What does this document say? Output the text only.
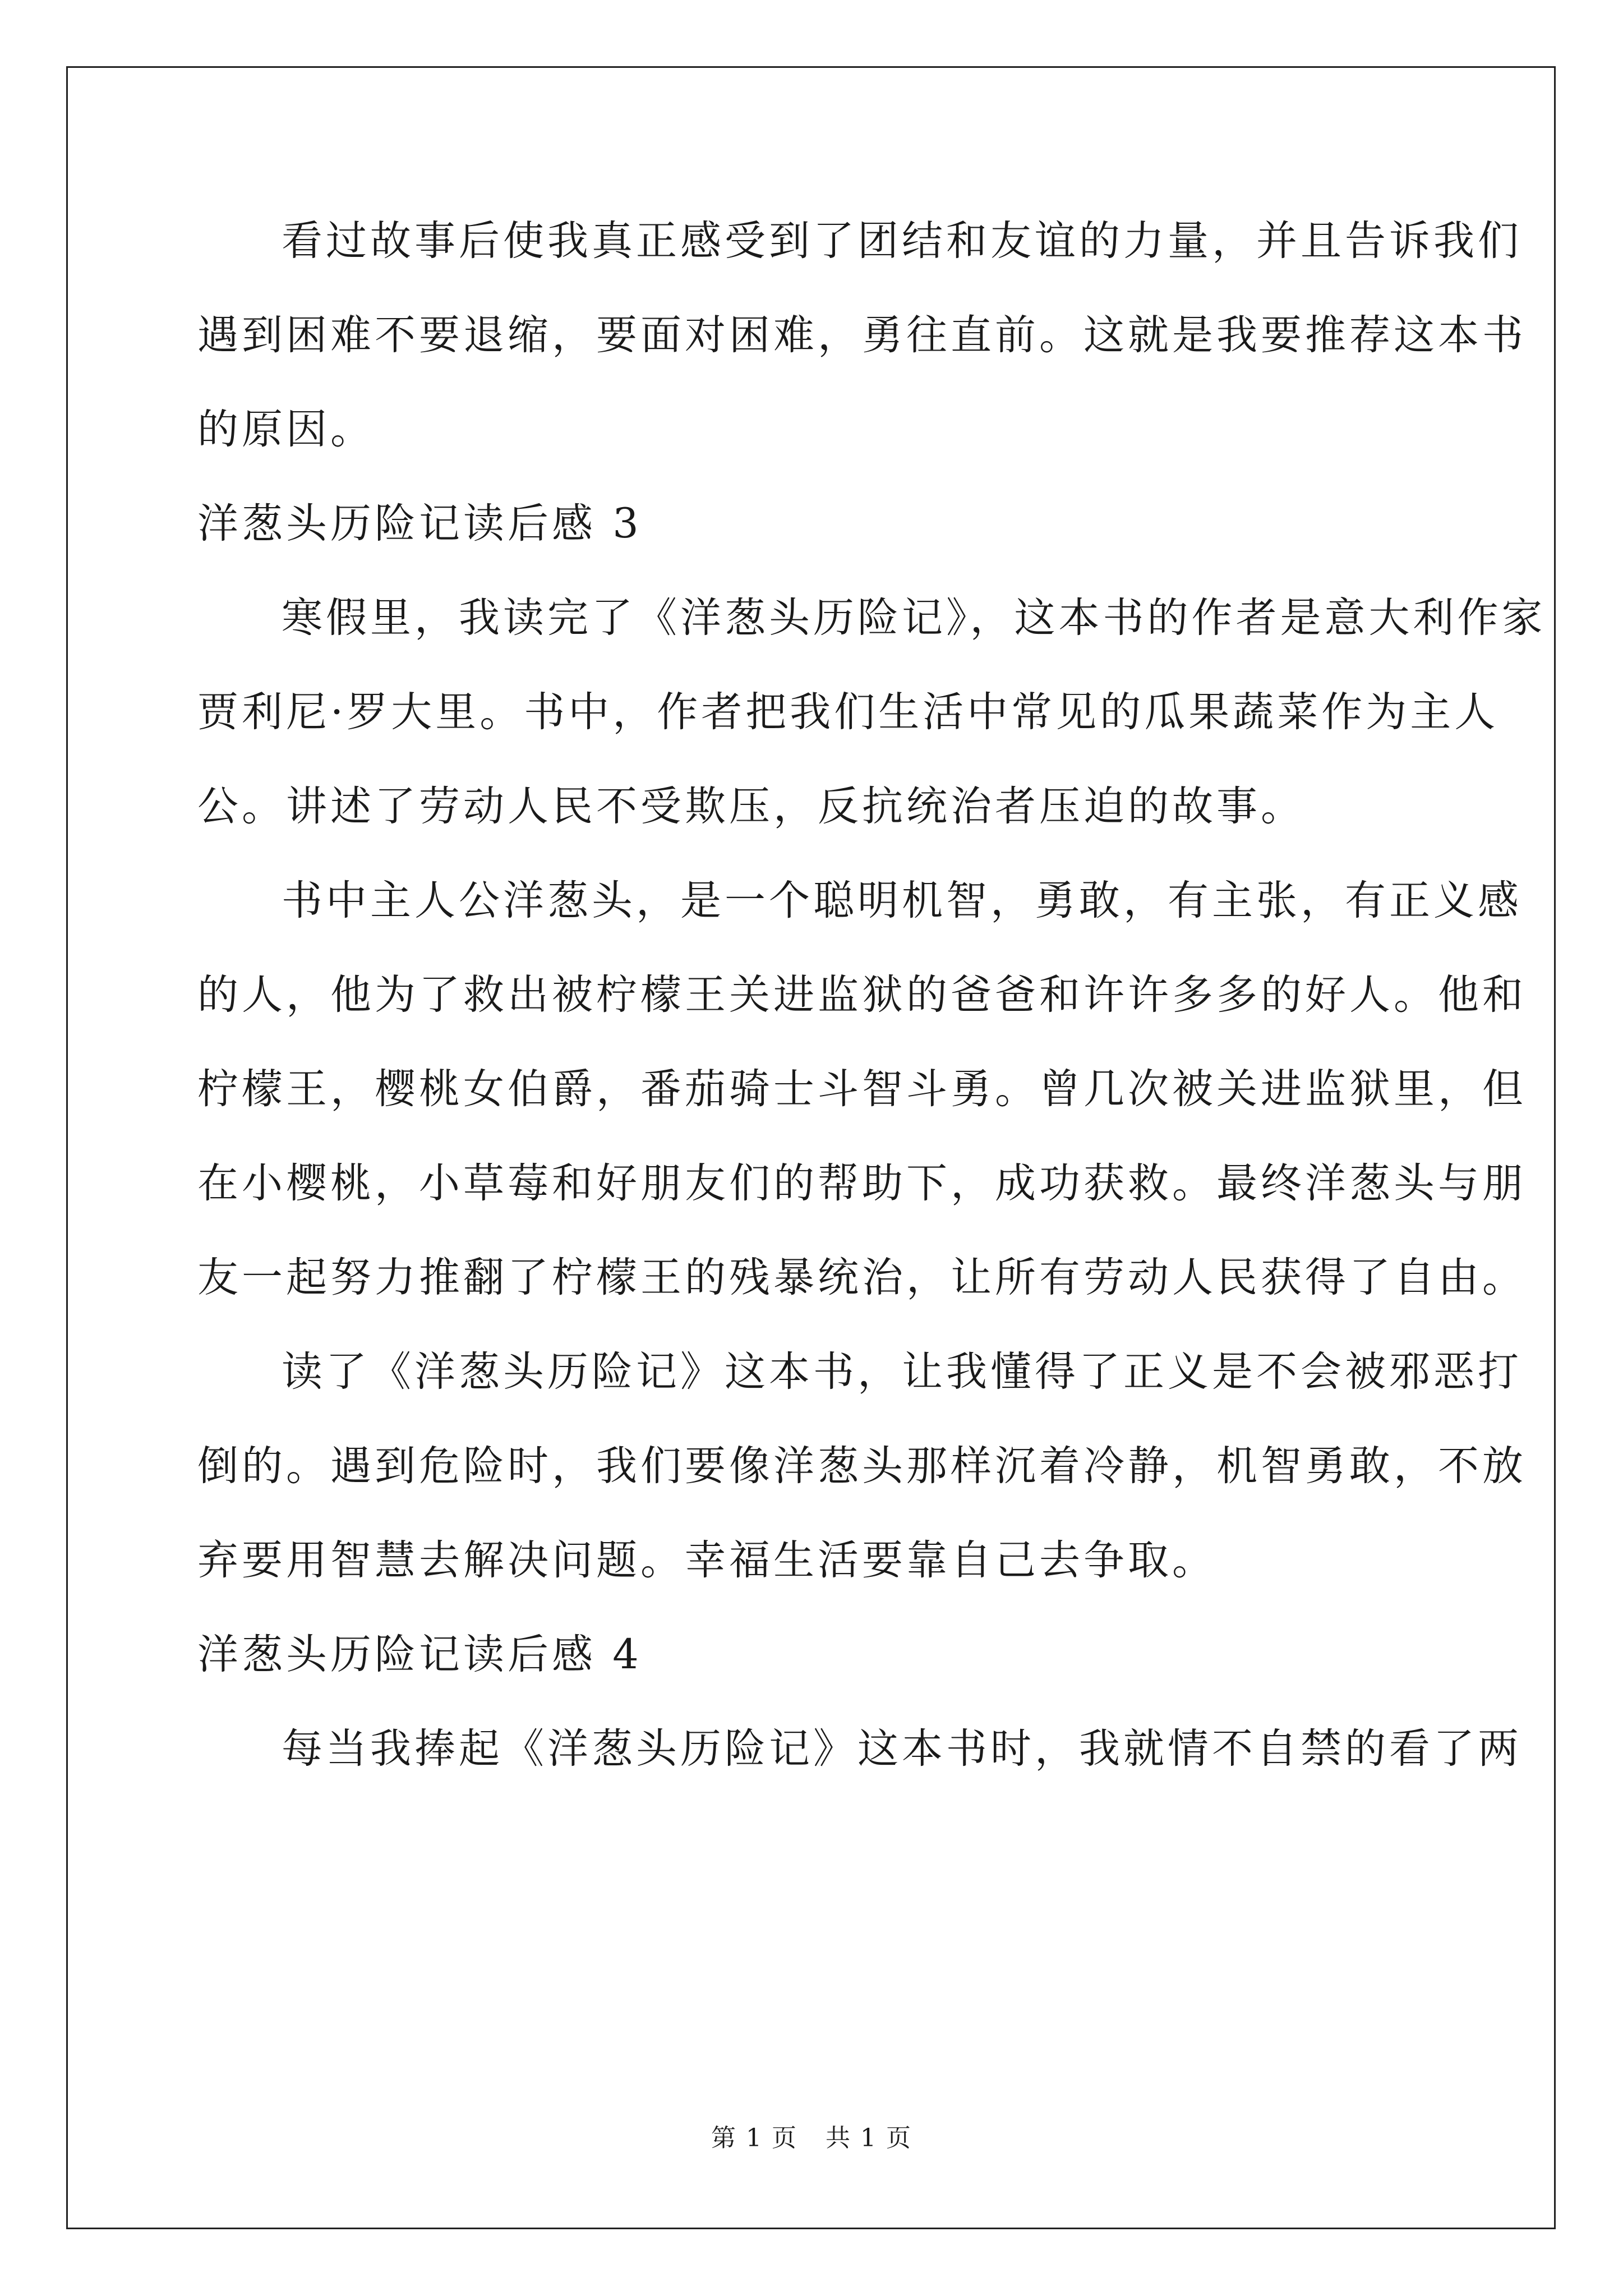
看过故事后使我真正感受到了团结和友谊的力量，并且告诉我们
遇到困难不要退缩，要面对困难，勇往直前。这就是我要推荐这本书
的原因。
洋葱头历险记读后感 3
寒假里，我读完了《洋葱头历险记》，这本书的作者是意大利作家
贾利尼·罗大里。书中，作者把我们生活中常见的瓜果蔬菜作为主人
公。讲述了劳动人民不受欺压，反抗统治者压迫的故事。
书中主人公洋葱头，是一个聪明机智，勇敢，有主张，有正义感
的人，他为了救出被柠檬王关进监狱的爸爸和许许多多的好人。他和
柠檬王，樱桃女伯爵，番茄骑士斗智斗勇。曾几次被关进监狱里，但
在小樱桃，小草莓和好朋友们的帮助下，成功获救。最终洋葱头与朋
友一起努力推翻了柠檬王的残暴统治，让所有劳动人民获得了自由。
读了《洋葱头历险记》这本书，让我懂得了正义是不会被邪恶打
倒的。遇到危险时，我们要像洋葱头那样沉着冷静，机智勇敢，不放
弃要用智慧去解决问题。幸福生活要靠自己去争取。
洋葱头历险记读后感 4
每当我捧起《洋葱头历险记》这本书时，我就情不自禁的看了两
第 1 页 共 1 页
